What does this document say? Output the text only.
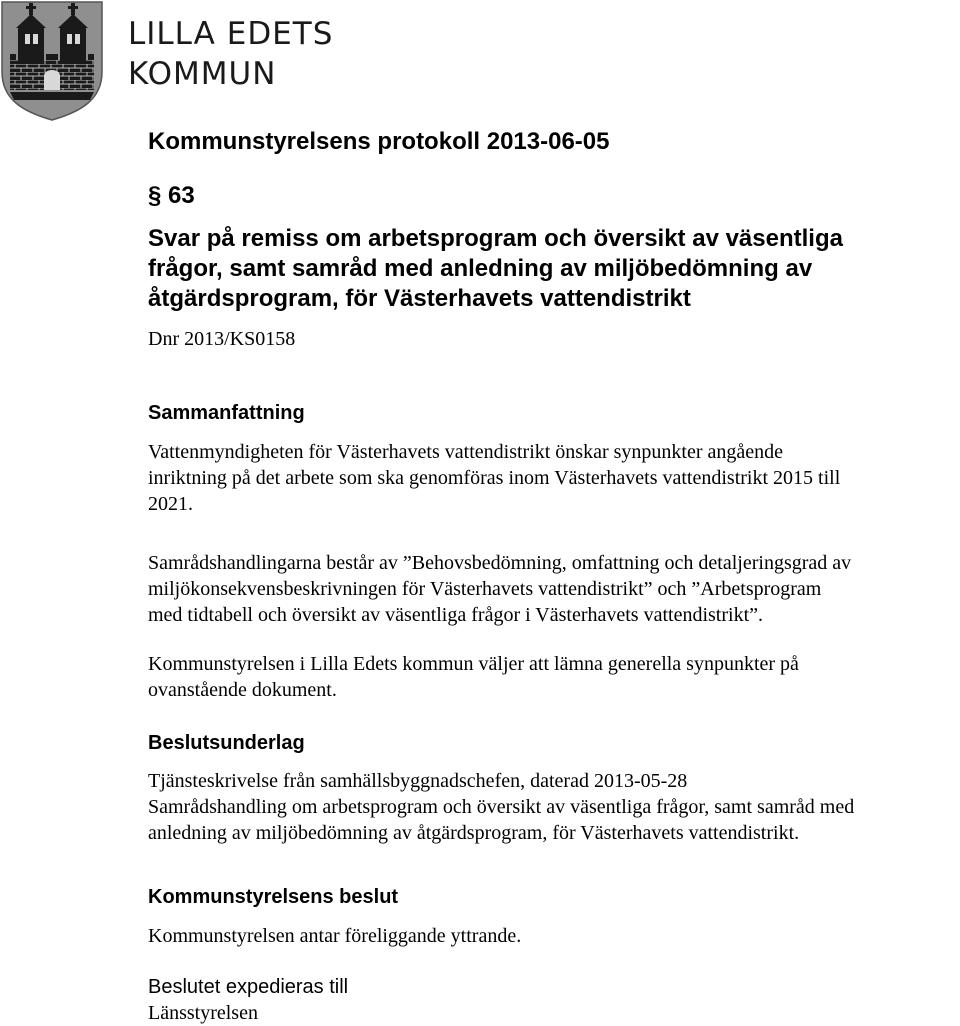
LILLA EDETS
KOMMUN
Kommunstyrelsens protokoll 2013-06-05
§ 63
Svar på remiss om arbetsprogram och översikt av väsentliga
frågor, samt samråd med anledning av miljöbedömning av
åtgärdsprogram, för Västerhavets vattendistrikt
Dnr 2013/KS0158
Sammanfattning
Vattenmyndigheten för Västerhavets vattendistrikt önskar synpunkter angående
inriktning på det arbete som ska genomföras inom Västerhavets vattendistrikt 2015 till
2021.
Samrådshandlingarna består av ”Behovsbedömning, omfattning och detaljeringsgrad av
miljökonsekvensbeskrivningen för Västerhavets vattendistrikt” och ”Arbetsprogram
med tidtabell och översikt av väsentliga frågor i Västerhavets vattendistrikt”.
Kommunstyrelsen i Lilla Edets kommun väljer att lämna generella synpunkter på
ovanstående dokument.
Beslutsunderlag
Tjänsteskrivelse från samhällsbyggnadschefen, daterad 2013-05-28
Samrådshandling om arbetsprogram och översikt av väsentliga frågor, samt samråd med
anledning av miljöbedömning av åtgärdsprogram, för Västerhavets vattendistrikt.
Kommunstyrelsens beslut
Kommunstyrelsen antar föreliggande yttrande.
Beslutet expedieras till
Länsstyrelsen
